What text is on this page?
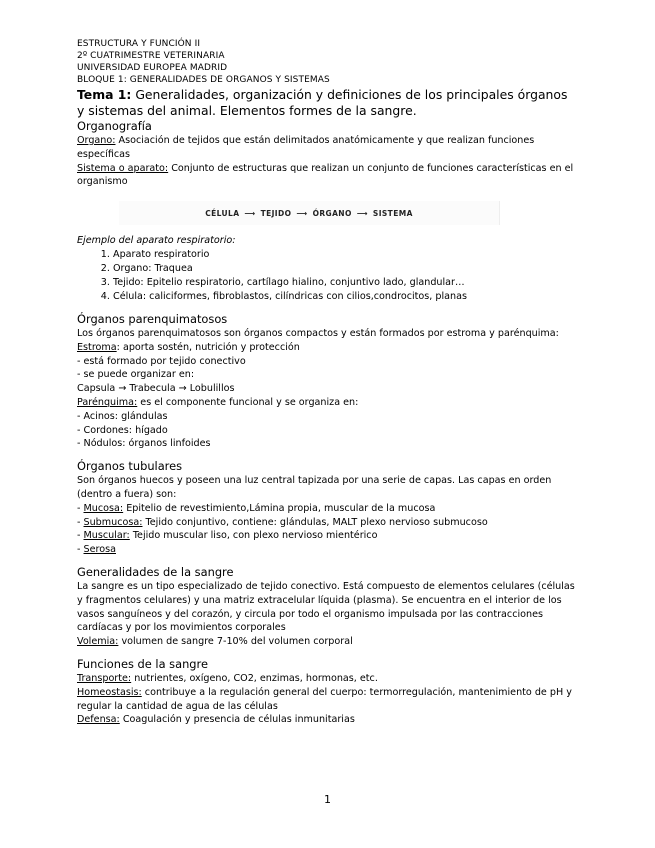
ESTRUCTURA Y FUNCIÓN II
2º CUATRIMESTRE VETERINARIA
UNIVERSIDAD EUROPEA MADRID
BLOQUE 1: GENERALIDADES DE ORGANOS Y SISTEMAS
Tema 1: Generalidades, organización y definiciones de los principales órganos y sistemas del animal. Elementos formes de la sangre.
Organografía
Organo: Asociación de tejidos que están delimitados anatómicamente y que realizan funciones específicas
Sistema o aparato: Conjunto de estructuras que realizan un conjunto de funciones características en el organismo
CÉLULA ⟶ TEJIDO ⟶ ÓRGANO ⟶ SISTEMA
Ejemplo del aparato respiratorio:
1. Aparato respiratorio
2. Organo: Traquea
3. Tejido: Epitelio respiratorio, cartílago hialino, conjuntivo lado, glandular…
4. Célula: caliciformes, fibroblastos, cilíndricas con cilios,condrocitos, planas
Órganos parenquimatosos
Los órganos parenquimatosos son órganos compactos y están formados por estroma y parénquima:
Estroma: aporta sostén, nutrición y protección
- está formado por tejido conectivo
- se puede organizar en:
Capsula → Trabecula → Lobulillos
Parénquima: es el componente funcional y se organiza en:
- Acinos: glándulas
- Cordones: hígado
- Nódulos: órganos linfoides
Órganos tubulares
Son órganos huecos y poseen una luz central tapizada por una serie de capas. Las capas en orden (dentro a fuera) son:
- Mucosa: Epitelio de revestimiento,Lámina propia, muscular de la mucosa
- Submucosa: Tejido conjuntivo, contiene: glándulas, MALT plexo nervioso submucoso
- Muscular: Tejido muscular liso, con plexo nervioso mientérico
- Serosa
Generalidades de la sangre
La sangre es un tipo especializado de tejido conectivo. Está compuesto de elementos celulares (células y fragmentos celulares) y una matriz extracelular líquida (plasma). Se encuentra en el interior de los vasos sanguíneos y del corazón, y circula por todo el organismo impulsada por las contracciones cardíacas y por los movimientos corporales
Volemia: volumen de sangre 7-10% del volumen corporal
Funciones de la sangre
Transporte: nutrientes, oxígeno, CO2, enzimas, hormonas, etc.
Homeostasis: contribuye a la regulación general del cuerpo: termorregulación, mantenimiento de pH y regular la cantidad de agua de las células
Defensa: Coagulación y presencia de células inmunitarias
1
